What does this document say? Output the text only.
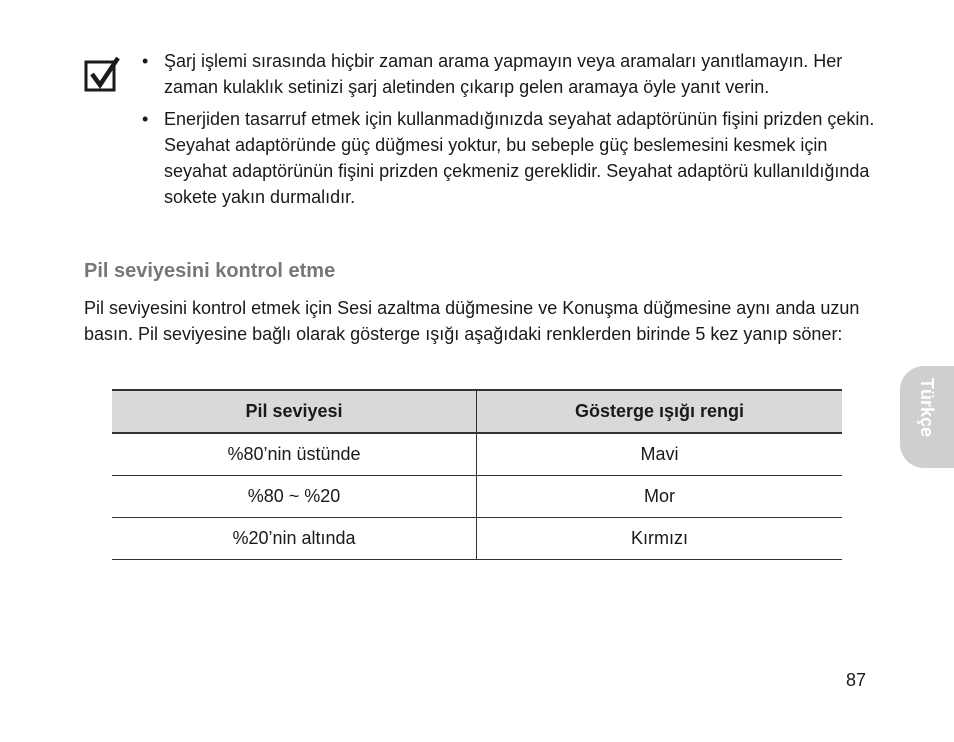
• Şarj işlemi sırasında hiçbir zaman arama yapmayın veya aramaları yanıtlamayın. Her zaman kulaklık setinizi şarj aletinden çıkarıp gelen aramaya öyle yanıt verin.
• Enerjiden tasarruf etmek için kullanmadığınızda seyahat adaptörünün fişini prizden çekin. Seyahat adaptöründe güç düğmesi yoktur, bu sebeple güç beslemesini kesmek için seyahat adaptörünün fişini prizden çekmeniz gereklidir. Seyahat adaptörü kullanıldığında sokete yakın durmalıdır.
Pil seviyesini kontrol etme

Pil seviyesini kontrol etmek için Sesi azaltma düğmesine ve Konuşma düğmesine aynı anda uzun basın. Pil seviyesine bağlı olarak gösterge ışığı aşağıdaki renklerden birinde 5 kez yanıp söner:

Pil seviyesi	Gösterge ışığı rengi
%80’nin üstünde	Mavi
%80 ~ %20	Mor
%20’nin altında	Kırmızı
Türkçe

87
